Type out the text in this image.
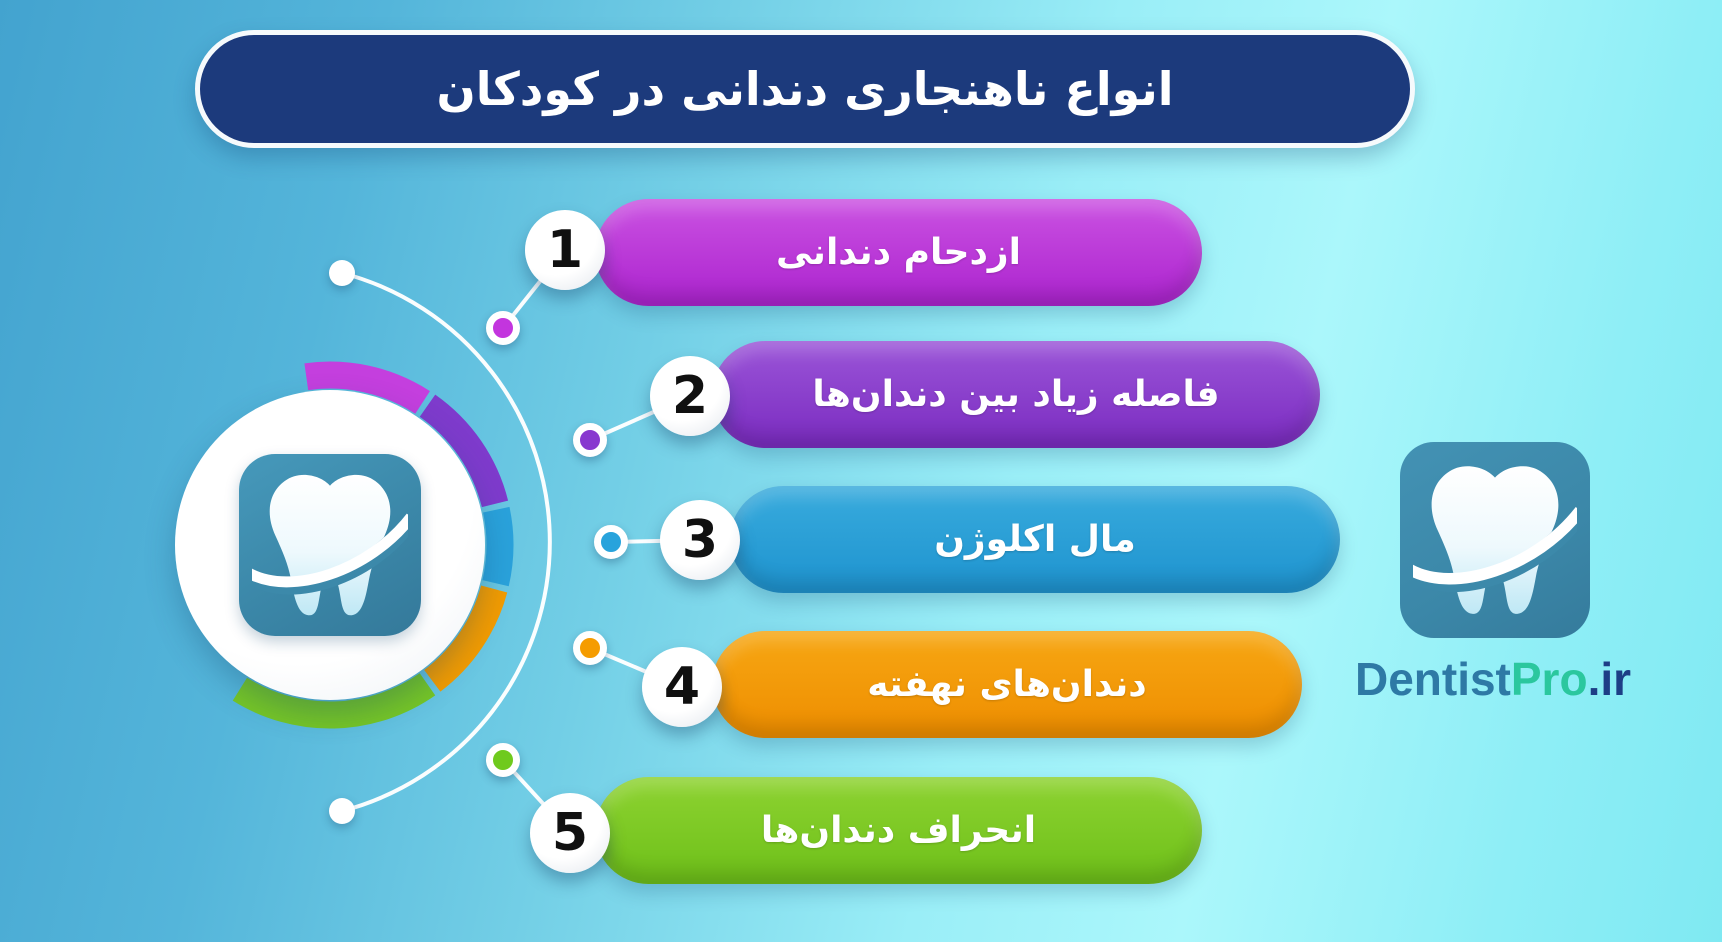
انواع ناهنجاری دندانی در کودکان
ازدحام دندانی
1
فاصله زیاد بین دندان‌ها
2
مال اکلوژن
3
دندان‌های نهفته
4
انحراف دندان‌ها
5
DentistPro.ir
